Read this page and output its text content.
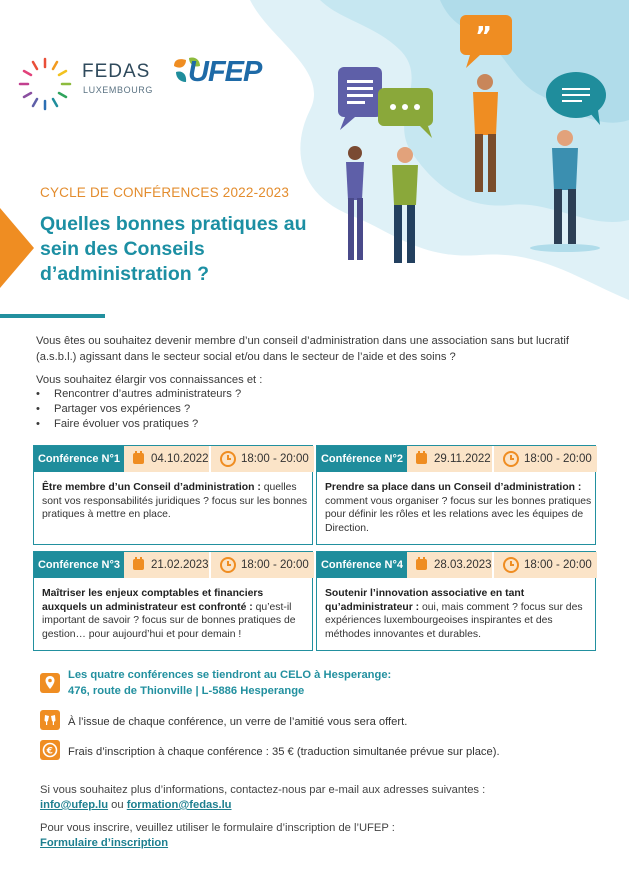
”
FEDAS
LUXEMBOURG
UFEP
CYCLE DE CONFÉRENCES 2022-2023
Quelles bonnes pratiques au sein des Conseils d’administration ?
Vous êtes ou souhaitez devenir membre d’un conseil d’administration dans une association sans but lucratif (a.s.b.l.) agissant dans le secteur social et/ou dans le secteur de l’aide et des soins ?
Vous souhaitez élargir vos connaissances et :
• Rencontrer d’autres administrateurs ?
• Partager vos expériences ?
• Faire évoluer vos pratiques ?
Conférence N°1	04.10.2022	18:00 - 20:00
Être membre d’un Conseil d’administration : quelles sont vos responsabilités juridiques ? focus sur les bonnes pratiques à mettre en place.
Conférence N°2	29.11.2022	18:00 - 20:00
Prendre sa place dans un Conseil d’administration : comment vous organiser ? focus sur les bonnes pratiques pour définir les rôles et les relations avec les équipes de Direction.
Conférence N°3	21.02.2023	18:00 - 20:00
Maîtriser les enjeux comptables et financiers auxquels un administrateur est confronté : qu’est-il important de savoir ? focus sur de bonnes pratiques de gestion… pour aujourd’hui et pour demain !
Conférence N°4	28.03.2023	18:00 - 20:00
Soutenir l’innovation associative en tant qu’administrateur : oui, mais comment ? focus sur des expériences luxembourgeoises inspirantes et des méthodes innovantes et durables.
Les quatre conférences se tiendront au CELO à Hesperange:
476, route de Thionville | L-5886 Hesperange
À l’issue de chaque conférence, un verre de l’amitié vous sera offert.
€ Frais d’inscription à chaque conférence : 35 € (traduction simultanée prévue sur place).
Si vous souhaitez plus d’informations, contactez-nous par e-mail aux adresses suivantes :
info@ufep.lu ou formation@fedas.lu
Pour vous inscrire, veuillez utiliser le formulaire d’inscription de l’UFEP :
Formulaire d’inscription
